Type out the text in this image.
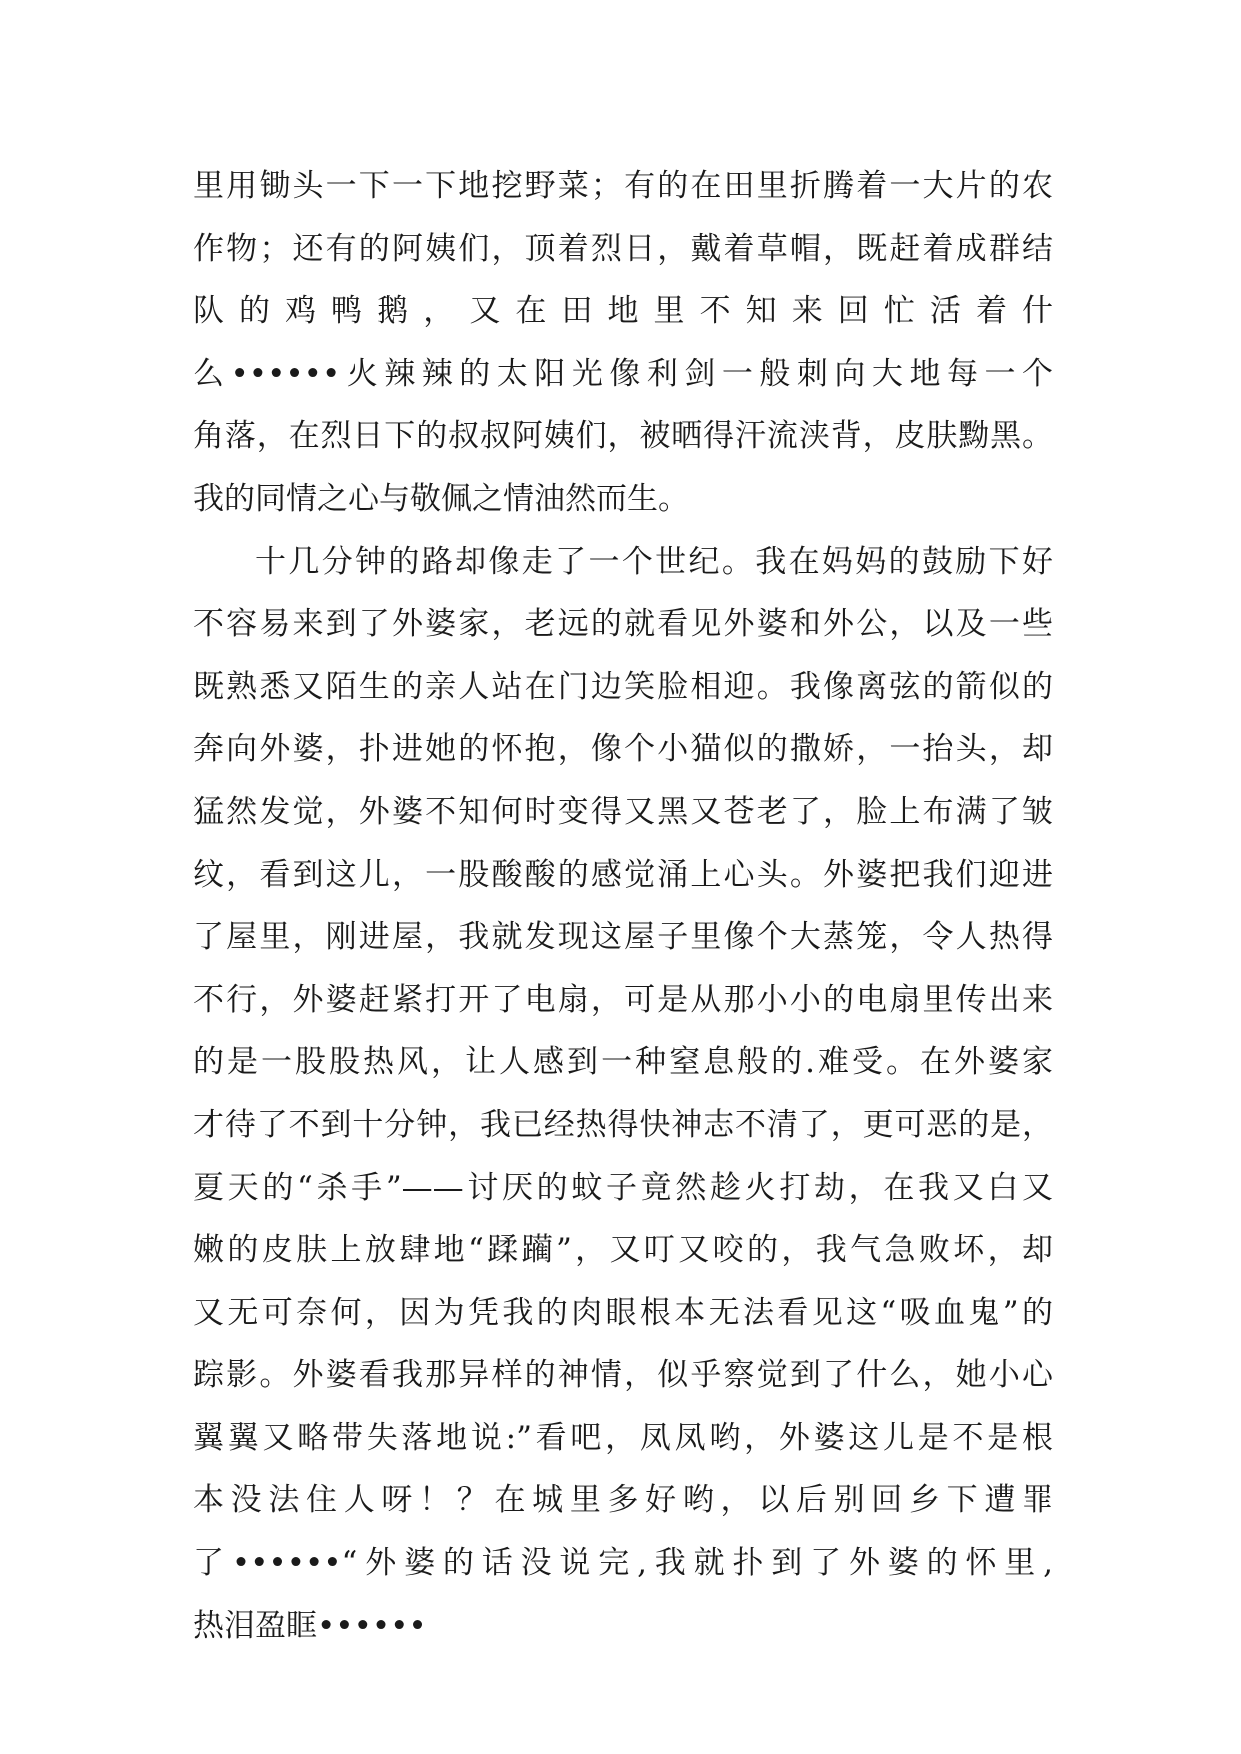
里用锄头一下一下地挖野菜；有的在田里折腾着一大片的农
作物；还有的阿姨们，顶着烈日，戴着草帽，既赶着成群结
队的鸡鸭鹅，又在田地里不知来回忙活着什
么••••••火辣辣的太阳光像利剑一般刺向大地每一个
角落，在烈日下的叔叔阿姨们，被晒得汗流浃背，皮肤黝黑。
我的同情之心与敬佩之情油然而生。
十几分钟的路却像走了一个世纪。我在妈妈的鼓励下好
不容易来到了外婆家，老远的就看见外婆和外公，以及一些
既熟悉又陌生的亲人站在门边笑脸相迎。我像离弦的箭似的
奔向外婆，扑进她的怀抱，像个小猫似的撒娇，一抬头，却
猛然发觉，外婆不知何时变得又黑又苍老了，脸上布满了皱
纹，看到这儿，一股酸酸的感觉涌上心头。外婆把我们迎进
了屋里，刚进屋，我就发现这屋子里像个大蒸笼，令人热得
不行，外婆赶紧打开了电扇，可是从那小小的电扇里传出来
的是一股股热风，让人感到一种窒息般的.难受。在外婆家
才待了不到十分钟，我已经热得快神志不清了，更可恶的是，
夏天的“杀手”——讨厌的蚊子竟然趁火打劫，在我又白又
嫩的皮肤上放肆地“蹂躏”，又叮又咬的，我气急败坏，却
又无可奈何，因为凭我的肉眼根本无法看见这“吸血鬼”的
踪影。外婆看我那异样的神情，似乎察觉到了什么，她小心
翼翼又略带失落地说:”看吧，凤凤哟，外婆这儿是不是根
本没法住人呀！？在城里多好哟，以后别回乡下遭罪
了••••••“外婆的话没说完,我就扑到了外婆的怀里,
热泪盈眶••••••
